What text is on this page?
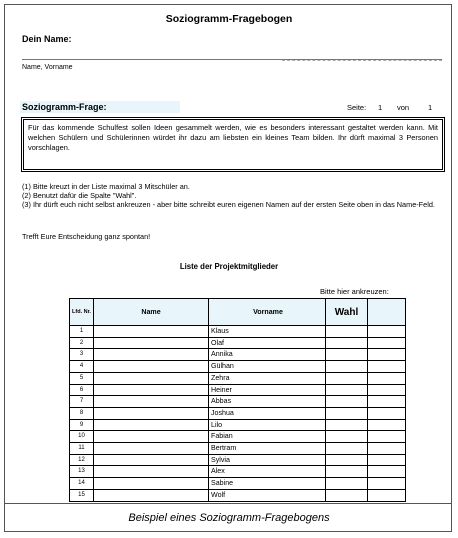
Soziogramm-Fragebogen
Dein Name:
Name, Vorname
Soziogramm-Frage:	Seite: 1 von	1
Für das kommende Schulfest sollen Ideen gesammelt werden, wie es besonders interessant gestaltet werden kann. Mit welchen Schülern und Schülerinnen würdet ihr dazu am liebsten ein kleines Team bilden. Ihr dürft maximal 3 Personen vorschlagen.
(1) Bitte kreuzt in der Liste maximal 3 Mitschüler an.
(2) Benutzt dafür die Spalte "Wahl".
(3) Ihr dürft euch nicht selbst ankreuzen - aber bitte schreibt euren eigenen Namen auf der ersten Seite oben in das Name-Feld.
Trefft Eure Entscheidung ganz spontan!
Liste der Projektmitglieder
Bitte hier ankreuzen:
Lfd. Nr.	Name	Vorname	Wahl	
1		Klaus		
2		Olaf		
3		Annika		
4		Gülhan		
5		Zehra		
6		Heiner		
7		Abbas		
8		Joshua		
9		Lilo		
10		Fabian		
11		Bertram		
12		Sylvia		
13		Alex		
14		Sabine		
15		Wolf		
Beispiel eines Soziogramm-Fragebogens
